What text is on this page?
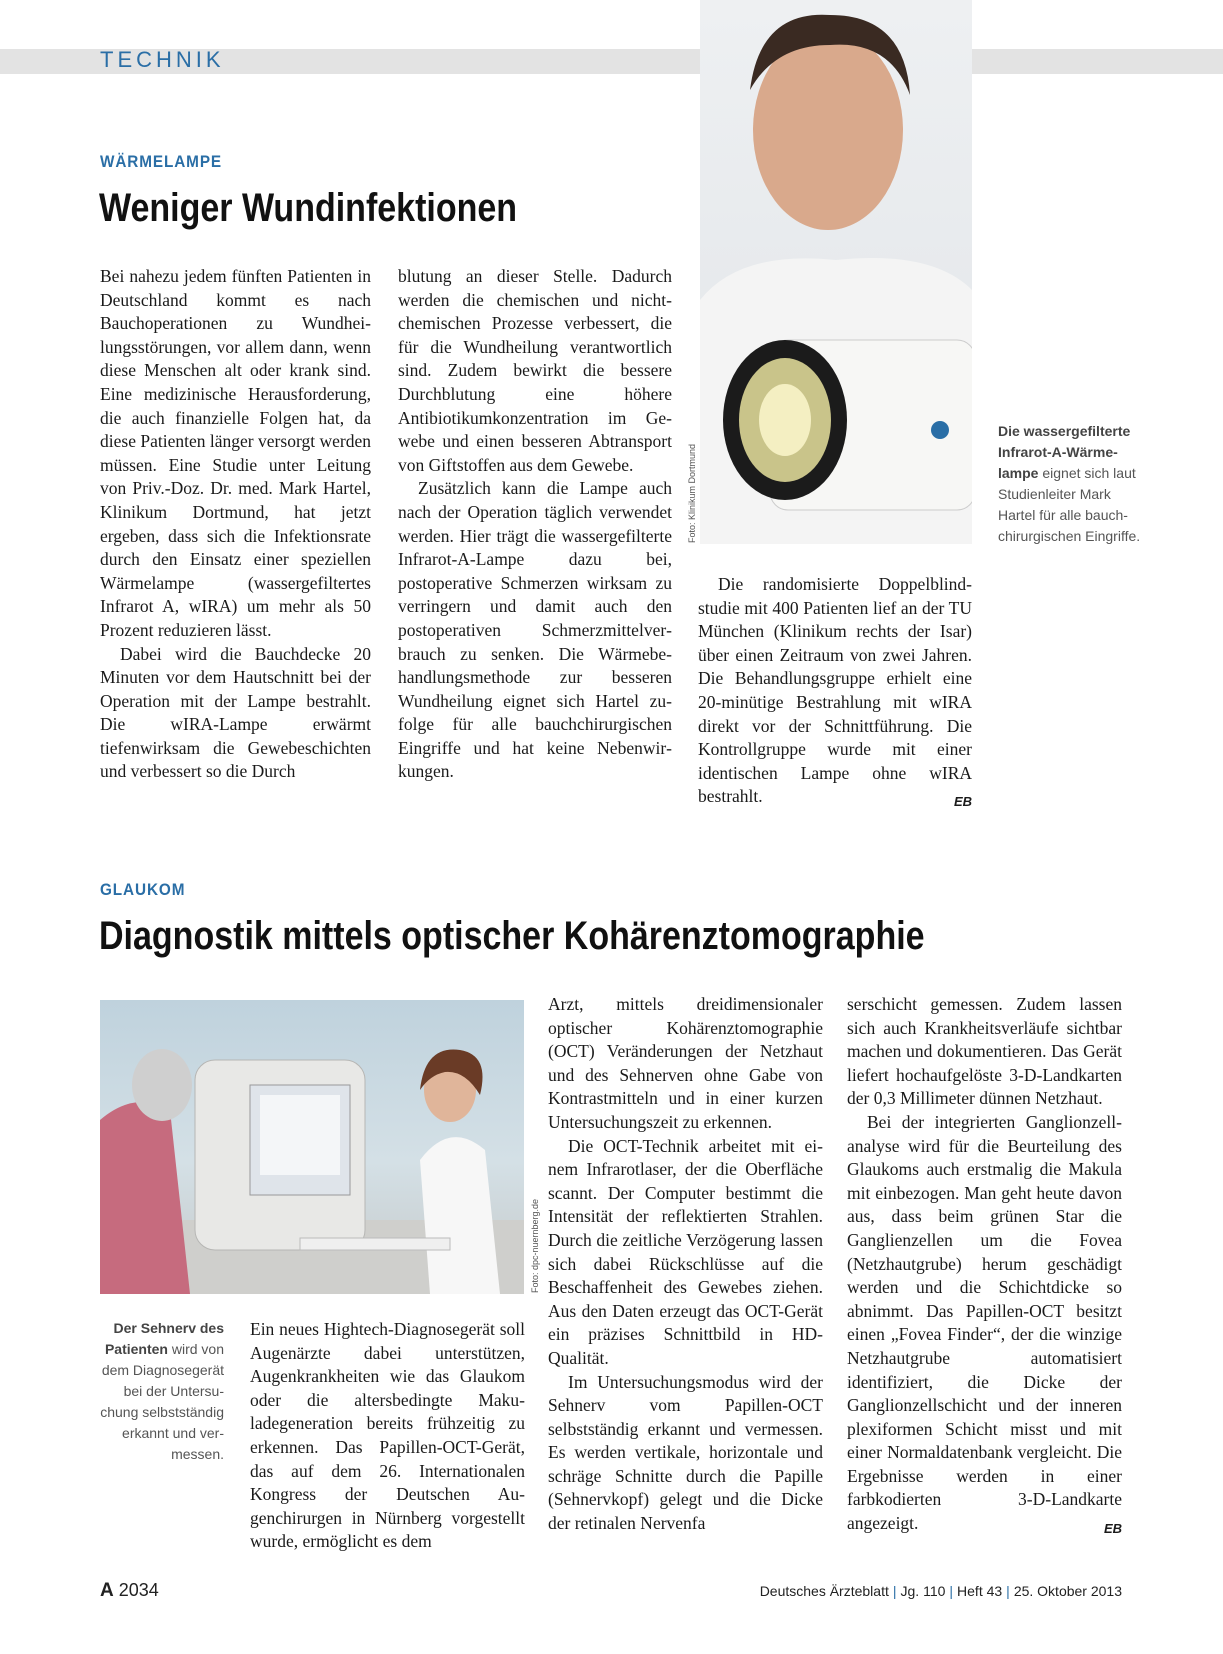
TECHNIK
WÄRMELAMPE
Weniger Wundinfektionen

Bei nahezu jedem fünften Patienten in Deutschland kommt es nach Bauchoperationen zu Wundheilungsstörungen, vor allem dann, wenn diese Menschen alt oder krank sind. Eine medizinische Herausforderung, die auch finanzielle Folgen hat, da diese Patienten länger versorgt werden müssen. Eine Studie unter Leitung von Priv.-Doz. Dr. med. Mark Hartel, Klinikum Dortmund, hat jetzt ergeben, dass sich die Infektionsrate durch den Einsatz einer speziellen Wärmelampe (wassergefiltertes Infrarot A, wIRA) um mehr als 50 Prozent reduzieren lässt.

Dabei wird die Bauchdecke 20 Minuten vor dem Hautschnitt bei der Operation mit der Lampe bestrahlt. Die wIRA-Lampe erwärmt tiefenwirksam die Gewebeschichten und verbessert so die Durch

blutung an dieser Stelle. Dadurch werden die chemischen und nichtchemischen Prozesse verbessert, die für die Wundheilung verantwortlich sind. Zudem bewirkt die bessere Durchblutung eine höhere Antibiotikumkonzentration im Gewebe und einen besseren Abtransport von Giftstoffen aus dem Gewebe.

Zusätzlich kann die Lampe auch nach der Operation täglich verwendet werden. Hier trägt die wassergefilterte Infrarot-A-Lampe dazu bei, postoperative Schmerzen wirksam zu verringern und damit auch den postoperativen Schmerzmittelverbrauch zu senken. Die Wärmebehandlungsmethode zur besseren Wundheilung eignet sich Hartel zufolge für alle bauchchirurgischen Eingriffe und hat keine Nebenwirkungen.

Foto: Klinikum Dortmund
Die wassergefilterte Infrarot-A-Wärmelampe eignet sich laut Studienleiter Mark Hartel für alle bauchchirurgischen Eingriffe.

Die randomisierte Doppelblindstudie mit 400 Patienten lief an der TU München (Klinikum rechts der Isar) über einen Zeitraum von zwei Jahren. Die Behandlungsgruppe erhielt eine 20-minütige Bestrahlung mit wIRA direkt vor der Schnittführung. Die Kontrollgruppe wurde mit einer identischen Lampe ohne wIRA bestrahlt.	EB
GLAUKOM
Diagnostik mittels optischer Kohärenztomographie
Foto: dpc-nuernberg.de
Der Sehnerv des Patienten wird von dem Diagnosegerät bei der Untersuchung selbstständig erkannt und vermessen.

Ein neues Hightech-Diagnosegerät soll Augenärzte dabei unterstützen, Augenkrankheiten wie das Glaukom oder die altersbedingte Makuladegeneration bereits frühzeitig zu erkennen. Das Papillen-OCT-Gerät, das auf dem 26. Internationalen Kongress der Deutschen Augenchirurgen in Nürnberg vorgestellt wurde, ermöglicht es dem

Arzt, mittels dreidimensionaler optischer Kohärenztomographie (OCT) Veränderungen der Netzhaut und des Sehnerven ohne Gabe von Kontrastmitteln und in einer kurzen Untersuchungszeit zu erkennen.

Die OCT-Technik arbeitet mit einem Infrarotlaser, der die Oberfläche scannt. Der Computer bestimmt die Intensität der reflektierten Strahlen. Durch die zeitliche Verzögerung lassen sich dabei Rückschlüsse auf die Beschaffenheit des Gewebes ziehen. Aus den Daten erzeugt das OCT-Gerät ein präzises Schnittbild in HD-Qualität.

Im Untersuchungsmodus wird der Sehnerv vom Papillen-OCT selbstständig erkannt und vermessen. Es werden vertikale, horizontale und schräge Schnitte durch die Papille (Sehnervkopf) gelegt und die Dicke der retinalen Nervenfa

serschicht gemessen. Zudem lassen sich auch Krankheitsverläufe sichtbar machen und dokumentieren. Das Gerät liefert hochaufgelöste 3-D-Landkarten der 0,3 Millimeter dünnen Netzhaut.

Bei der integrierten Ganglionzellanalyse wird für die Beurteilung des Glaukoms auch erstmalig die Makula mit einbezogen. Man geht heute davon aus, dass beim grünen Star die Ganglienzellen um die Fovea (Netzhautgrube) herum geschädigt werden und die Schichtdicke so abnimmt. Das Papillen-OCT besitzt einen „Fovea Finder“, der die winzige Netzhautgrube automatisiert identifiziert, die Dicke der Ganglionzellschicht und der inneren plexiformen Schicht misst und mit einer Normaldatenbank vergleicht. Die Ergebnisse werden in einer farbkodierten 3-D-Landkarte angezeigt.	EB
A 2034	Deutsches Ärzteblatt | Jg. 110 | Heft 43 | 25. Oktober 2013
